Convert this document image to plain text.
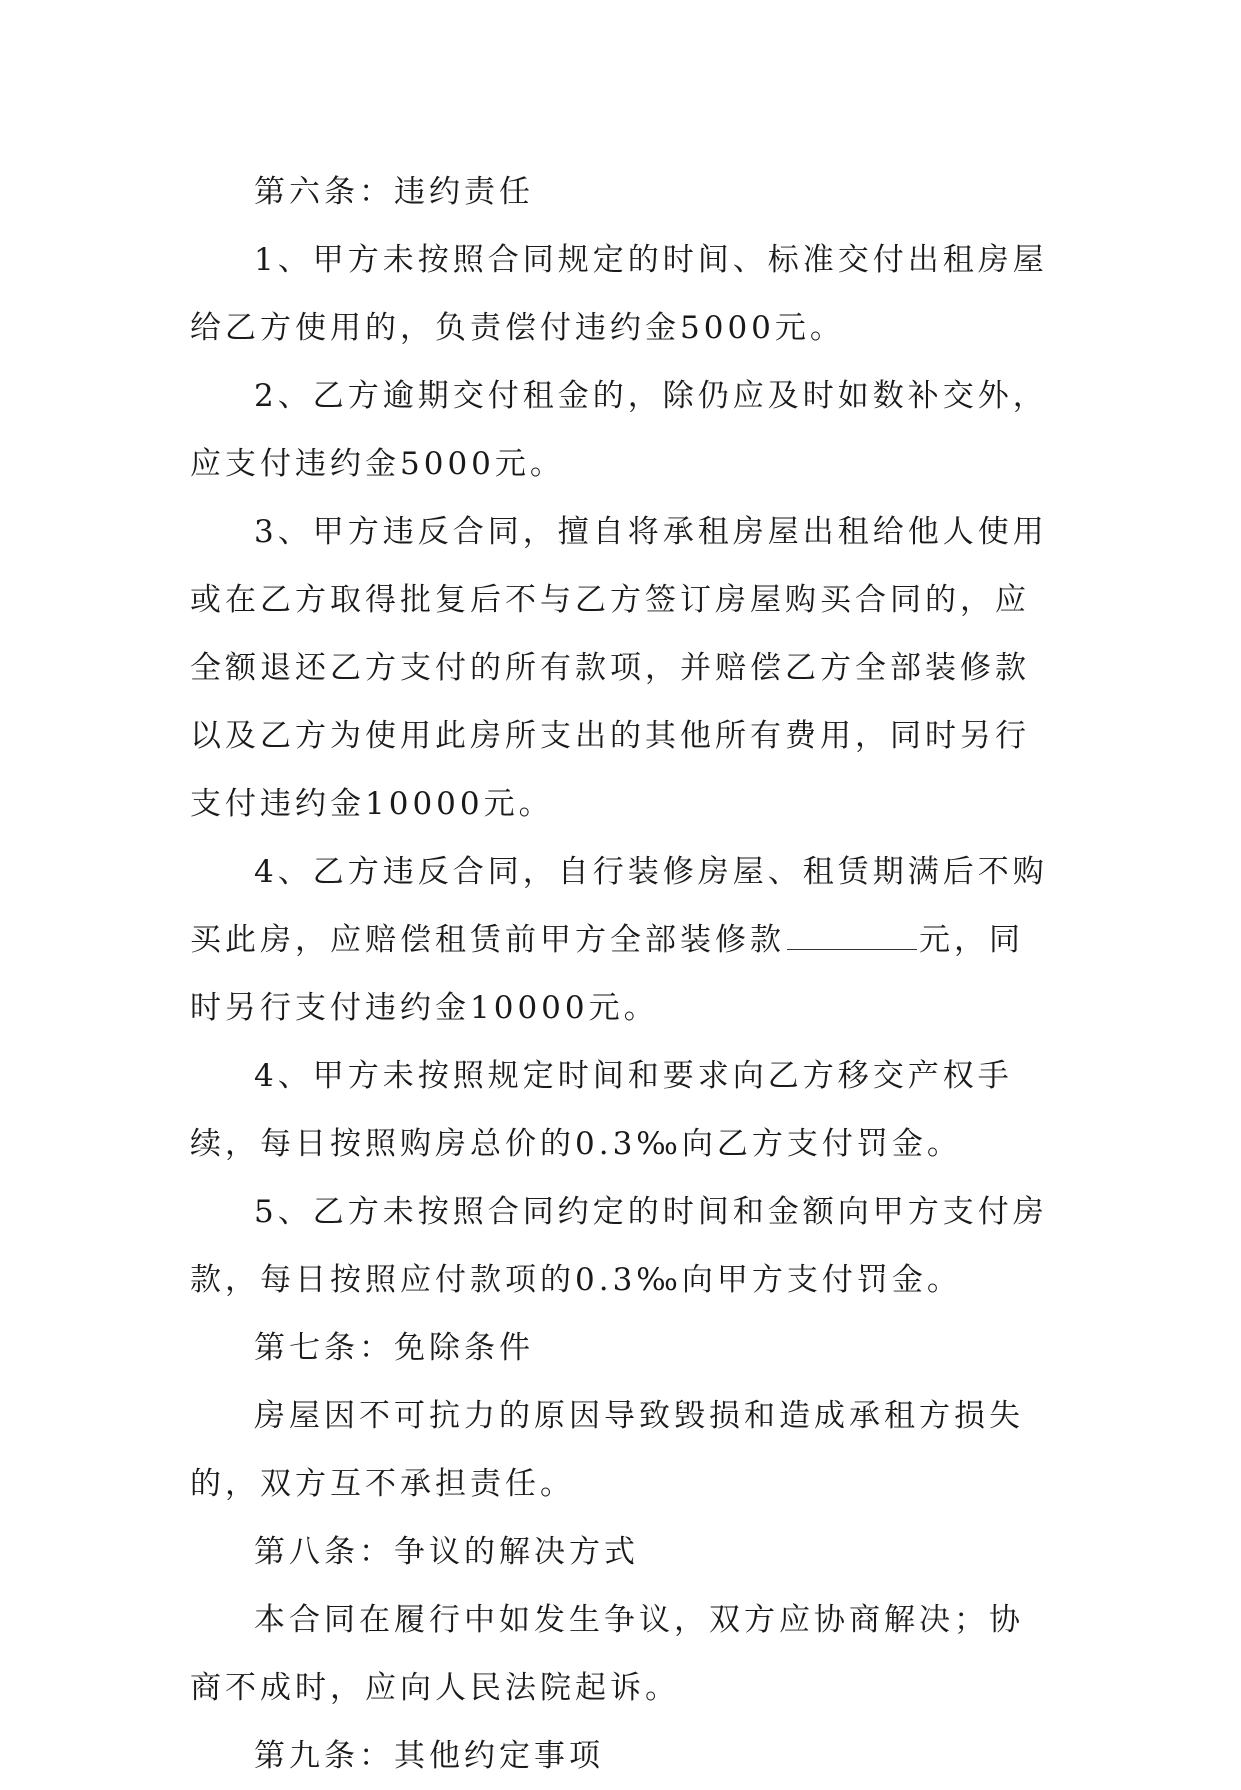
第六条：违约责任

1、甲方未按照合同规定的时间、标准交付出租房屋给乙方使用的，负责偿付违约金5000元。

2、乙方逾期交付租金的，除仍应及时如数补交外，应支付违约金5000元。

3、甲方违反合同，擅自将承租房屋出租给他人使用或在乙方取得批复后不与乙方签订房屋购买合同的，应全额退还乙方支付的所有款项，并赔偿乙方全部装修款以及乙方为使用此房所支出的其他所有费用，同时另行支付违约金10000元。

4、乙方违反合同，自行装修房屋、租赁期满后不购买此房，应赔偿租赁前甲方全部装修款	元，同时另行支付违约金10000元。

4、甲方未按照规定时间和要求向乙方移交产权手续，每日按照购房总价的0.3‰向乙方支付罚金。

5、乙方未按照合同约定的时间和金额向甲方支付房款，每日按照应付款项的0.3‰向甲方支付罚金。

第七条：免除条件

房屋因不可抗力的原因导致毁损和造成承租方损失的，双方互不承担责任。

第八条：争议的解决方式

本合同在履行中如发生争议，双方应协商解决；协商不成时，应向人民法院起诉。

第九条：其他约定事项
